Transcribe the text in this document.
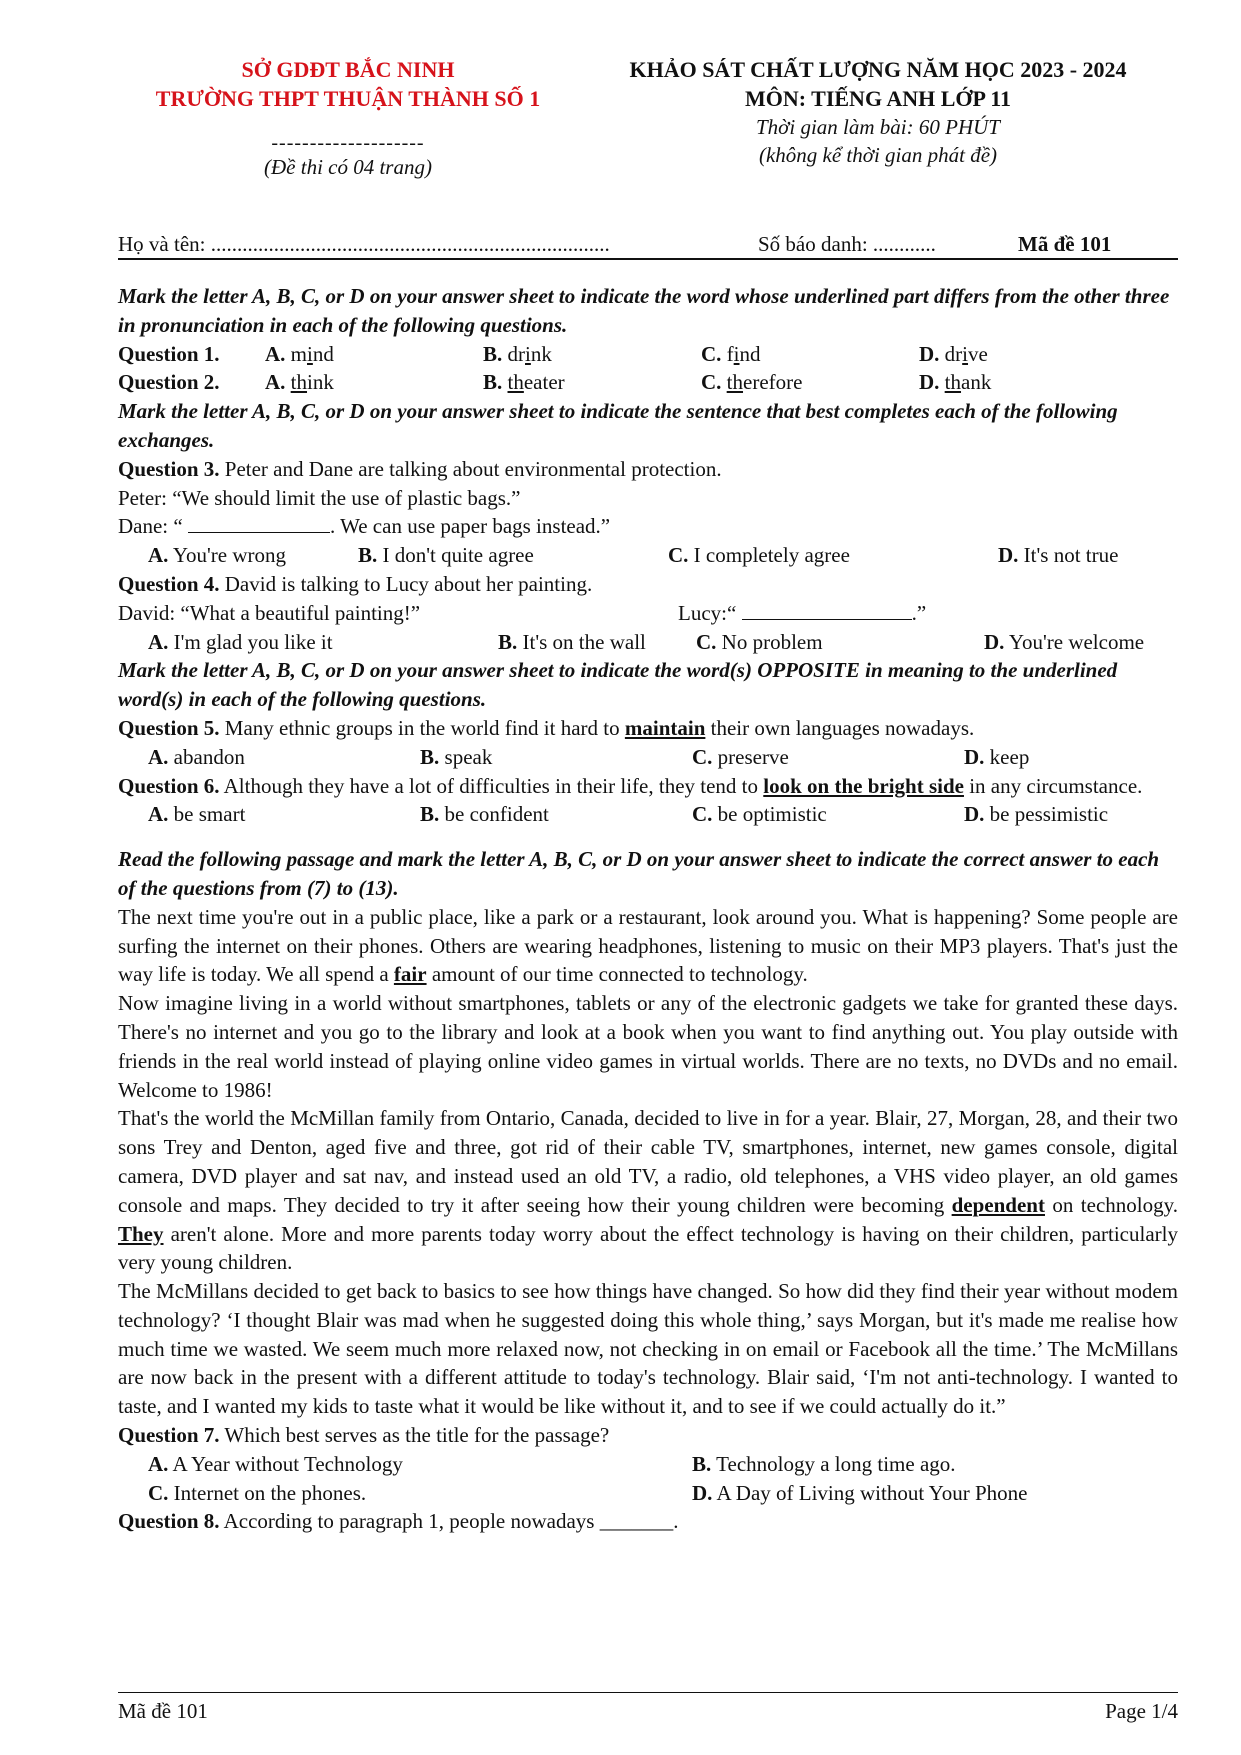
SỞ GDĐT BẮC NINH
TRƯỜNG THPT THUẬN THÀNH SỐ 1
--------------------
(Đề thi có 04 trang)
KHẢO SÁT CHẤT LƯỢNG NĂM HỌC 2023 - 2024
MÔN: TIẾNG ANH LỚP 11
Thời gian làm bài: 60 PHÚT
(không kể thời gian phát đề)
Họ và tên: ............................................................................	Số báo danh: ............	Mã đề 101
Mark the letter A, B, C, or D on your answer sheet to indicate the word whose underlined part differs from the other three in pronunciation in each of the following questions.
Question 1.	A. mind	B. drink	C. find	D. drive
Question 2.	A. think	B. theater	C. therefore	D. thank
Mark the letter A, B, C, or D on your answer sheet to indicate the sentence that best completes each of the following exchanges.
Question 3. Peter and Dane are talking about environmental protection.
Peter: “We should limit the use of plastic bags.”
Dane: “	. We can use paper bags instead.”
A. You're wrong	B. I don't quite agree	C. I completely agree	D. It's not true
Question 4. David is talking to Lucy about her painting.
David: “What a beautiful painting!”	Lucy:“	.”
A. I'm glad you like it	B. It's on the wall	C. No problem	D. You're welcome
Mark the letter A, B, C, or D on your answer sheet to indicate the word(s) OPPOSITE in meaning to the underlined word(s) in each of the following questions.
Question 5. Many ethnic groups in the world find it hard to maintain their own languages nowadays.
A. abandon	B. speak	C. preserve	D. keep
Question 6. Although they have a lot of difficulties in their life, they tend to look on the bright side in any circumstance.
A. be smart	B. be confident	C. be optimistic	D. be pessimistic
Read the following passage and mark the letter A, B, C, or D on your answer sheet to indicate the correct answer to each of the questions from (7) to (13).
The next time you're out in a public place, like a park or a restaurant, look around you. What is happening? Some people are surfing the internet on their phones. Others are wearing headphones, listening to music on their MP3 players. That's just the way life is today. We all spend a fair amount of our time connected to technology.
Now imagine living in a world without smartphones, tablets or any of the electronic gadgets we take for granted these days. There's no internet and you go to the library and look at a book when you want to find anything out. You play outside with friends in the real world instead of playing online video games in virtual worlds. There are no texts, no DVDs and no email. Welcome to 1986!
That's the world the McMillan family from Ontario, Canada, decided to live in for a year. Blair, 27, Morgan, 28, and their two sons Trey and Denton, aged five and three, got rid of their cable TV, smartphones, internet, new games console, digital camera, DVD player and sat nav, and instead used an old TV, a radio, old telephones, a VHS video player, an old games console and maps. They decided to try it after seeing how their young children were becoming dependent on technology. They aren't alone. More and more parents today worry about the effect technology is having on their children, particularly very young children.
The McMillans decided to get back to basics to see how things have changed. So how did they find their year without modem technology? ‘I thought Blair was mad when he suggested doing this whole thing,’ says Morgan, but it's made me realise how much time we wasted. We seem much more relaxed now, not checking in on email or Facebook all the time.’ The McMillans are now back in the present with a different attitude to today's technology. Blair said, ‘I'm not anti-technology. I wanted to taste, and I wanted my kids to taste what it would be like without it, and to see if we could actually do it.”
Question 7. Which best serves as the title for the passage?
A. A Year without Technology	B. Technology a long time ago.
C. Internet on the phones.	D. A Day of Living without Your Phone
Question 8. According to paragraph 1, people nowadays _______.
Mã đề 101	Page 1/4
